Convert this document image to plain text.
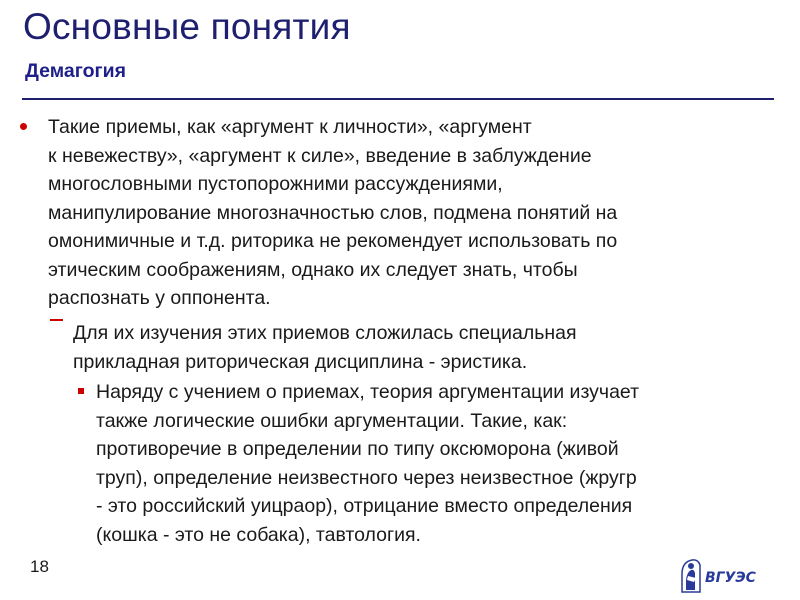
Основные понятия
Демагогия
Такие приемы, как «аргумент к личности», «аргумент
к невежеству», «аргумент к силе», введение в заблуждение
многословными пустопорожними рассуждениями,
манипулирование многозначностью слов, подмена понятий на
омонимичные и т.д. риторика не рекомендует использовать по
этическим соображениям, однако их следует знать, чтобы
распознать у оппонента.
Для их изучения этих приемов сложилась специальная
прикладная риторическая дисциплина - эристика.
Наряду с учением о приемах, теория аргументации изучает
также логические ошибки аргументации. Такие, как:
противоречие в определении по типу оксюморона (живой
труп), определение неизвестного через неизвестное (жругр
- это российский уицраор), отрицание вместо определения
(кошка - это не собака), тавтология.
18
ВГУЭС
